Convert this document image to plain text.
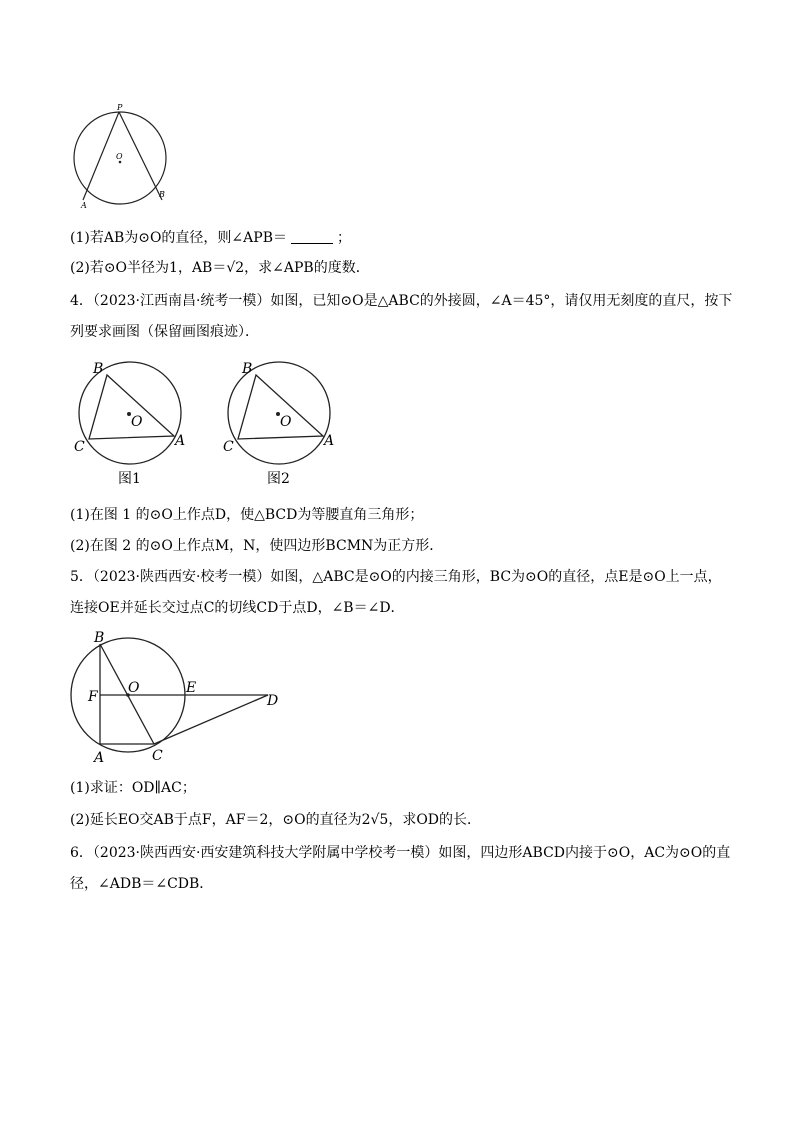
P
O
A
B
(1)若AB为⊙O的直径，则∠APB＝	；
(2)若⊙O半径为1，AB＝√2，求∠APB的度数．
4．（2023·江西南昌·统考一模）如图，已知⊙O是△ABC的外接圆，∠A＝45°，请仅用无刻度的直尺，按下
列要求画图（保留画图痕迹）．
B
O
C	A
图1
B
O
C	A
图2
(1)在图 1 的⊙O上作点D，使△BCD为等腰直角三角形；
(2)在图 2 的⊙O上作点M，N，使四边形BCMN为正方形．
5．（2023·陕西西安·校考一模）如图，△ABC是⊙O的内接三角形，BC为⊙O的直径，点E是⊙O上一点，
连接OE并延长交过点C的切线CD于点D，∠B＝∠D．
B
F
O	E
D
A	C
(1)求证：OD∥AC；
(2)延长EO交AB于点F，AF＝2，⊙O的直径为2√5，求OD的长．
6．（2023·陕西西安·西安建筑科技大学附属中学校考一模）如图，四边形ABCD内接于⊙O，AC为⊙O的直
径，∠ADB＝∠CDB．
